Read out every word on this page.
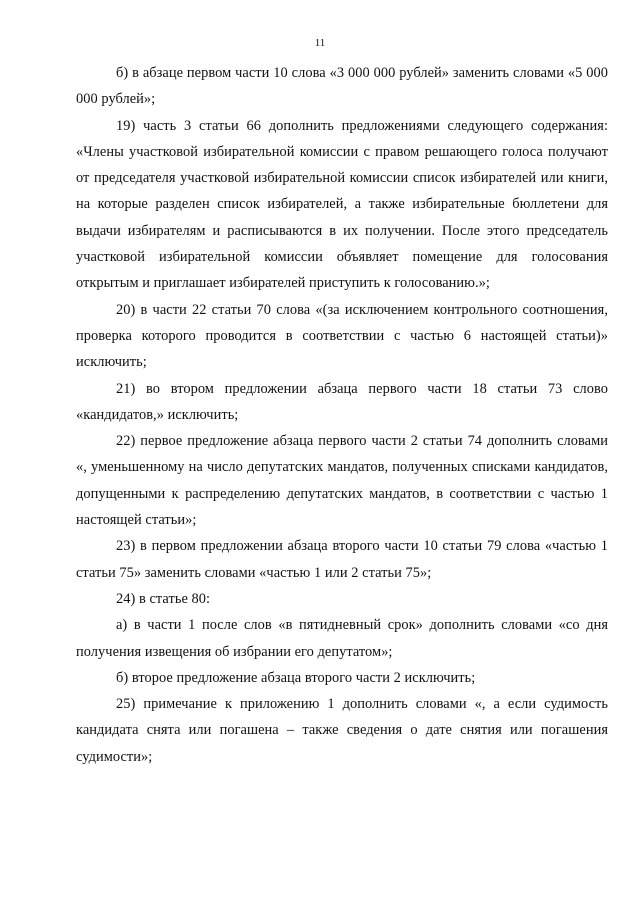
11

б) в абзаце первом части 10 слова «3 000 000 рублей» заменить словами «5 000 000 рублей»;

19) часть 3 статьи 66 дополнить предложениями следующего содержания: «Члены участковой избирательной комиссии с правом решающего голоса получают от председателя участковой избирательной комиссии список избирателей или книги, на которые разделен список избирателей, а также избирательные бюллетени для выдачи избирателям и расписываются в их получении. После этого председатель участковой избирательной комиссии объявляет помещение для голосования открытым и приглашает избирателей приступить к голосованию.»;

20) в части 22 статьи 70 слова «(за исключением контрольного соотношения, проверка которого проводится в соответствии с частью 6 настоящей статьи)» исключить;

21) во втором предложении абзаца первого части 18 статьи 73 слово «кандидатов,» исключить;

22) первое предложение абзаца первого части 2 статьи 74 дополнить словами «, уменьшенному на число депутатских мандатов, полученных списками кандидатов, допущенными к распределению депутатских мандатов, в соответствии с частью 1 настоящей статьи»;

23) в первом предложении абзаца второго части 10 статьи 79 слова «частью 1 статьи 75» заменить словами «частью 1 или 2 статьи 75»;

24) в статье 80:

а) в части 1 после слов «в пятидневный срок» дополнить словами «со дня получения извещения об избрании его депутатом»;

б) второе предложение абзаца второго части 2 исключить;

25) примечание к приложению 1 дополнить словами «, а если судимость кандидата снята или погашена – также сведения о дате снятия или погашения судимости»;
